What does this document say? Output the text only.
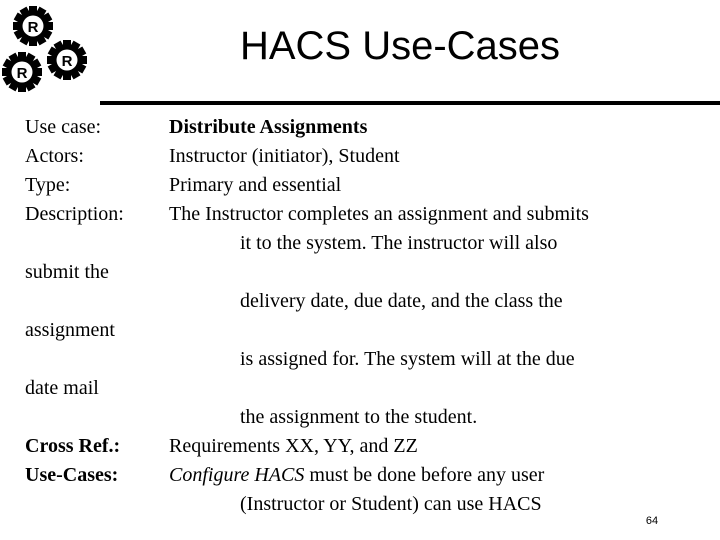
R
R
R	HACS Use-Cases
Use case:	Distribute Assignments
Actors:	Instructor (initiator), Student
Type:	Primary and essential
Description: The Instructor completes an assignment and submits
it to the system. The instructor will also
submit the
delivery date, due date, and the class the
assignment
is assigned for. The system will at the due
date mail
the assignment to the student.
Cross Ref.: Requirements XX, YY, and ZZ
Use-Cases:	Configure HACS must be done before any user
(Instructor or Student) can use HACS
64
